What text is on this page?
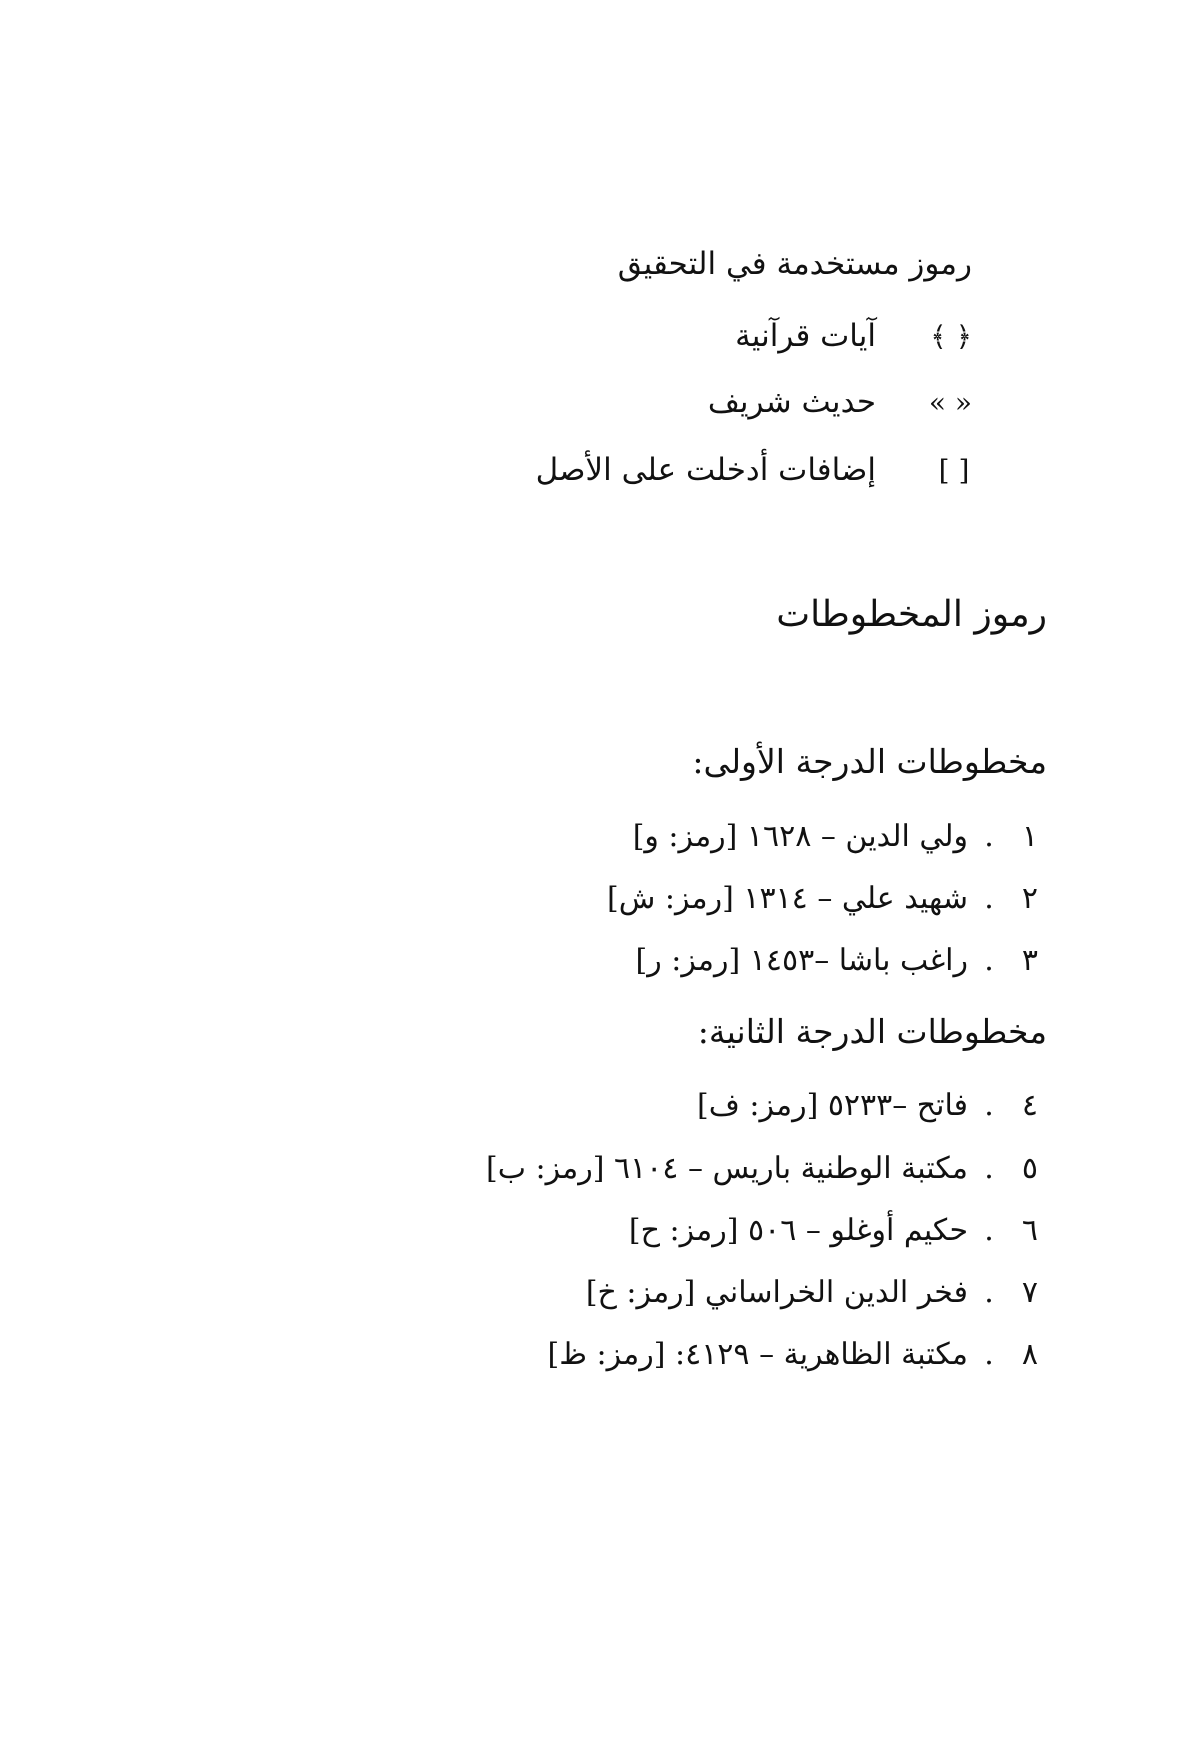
رموز مستخدمة في التحقيق
﴿ ﴾
آيات قرآنية
« »
حديث شريف
[ ]
إضافات أدخلت على الأصل
رموز المخطوطات
مخطوطات الدرجة الأولى:
١
.
ولي الدين – ١٦٢٨ [رمز: و]
٢
.
شهيد علي – ١٣١٤ [رمز: ش]
٣
.
راغب باشا –١٤٥٣ [رمز: ر]
مخطوطات الدرجة الثانية:
٤
.
فاتح –٥٢٣٣ [رمز: ف]
٥
.
مكتبة الوطنية باريس – ٦١٠٤ [رمز: ب]
٦
.
حكيم أوغلو – ٥٠٦ [رمز: ح]
٧
.
فخر الدين الخراساني [رمز: خ]
٨
.
مكتبة الظاهرية – ٤١٢٩: [رمز: ظ]
